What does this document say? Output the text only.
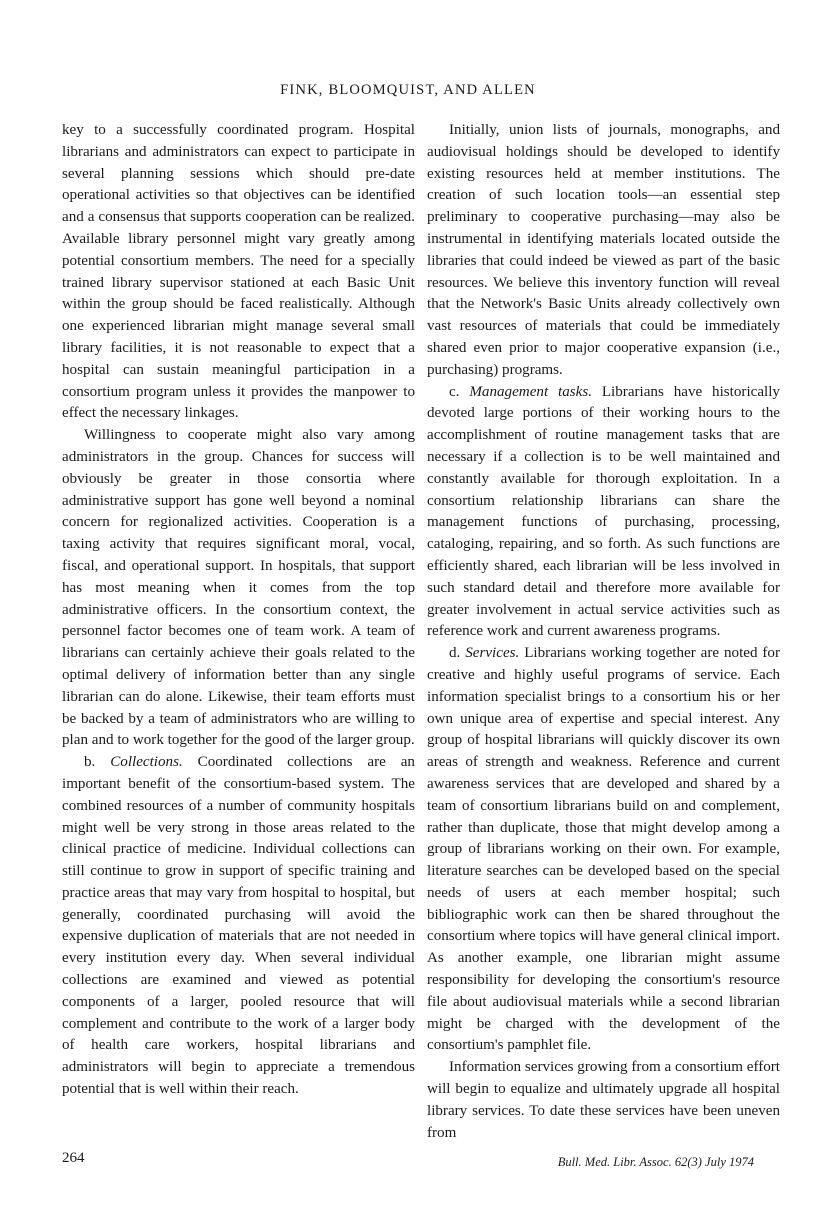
FINK, BLOOMQUIST, AND ALLEN

key to a successfully coordinated program. Hospital librarians and administrators can expect to participate in several planning sessions which should pre-date operational activities so that objectives can be identified and a consensus that supports cooperation can be realized. Available library personnel might vary greatly among potential consortium members. The need for a specially trained library supervisor stationed at each Basic Unit within the group should be faced realistically. Although one experienced librarian might manage several small library facilities, it is not reasonable to expect that a hospital can sustain meaningful participation in a consortium program unless it provides the manpower to effect the necessary linkages.

Willingness to cooperate might also vary among administrators in the group. Chances for success will obviously be greater in those consortia where administrative support has gone well beyond a nominal concern for regionalized activities. Cooperation is a taxing activity that requires significant moral, vocal, fiscal, and operational support. In hospitals, that support has most meaning when it comes from the top administrative officers. In the consortium context, the personnel factor becomes one of team work. A team of librarians can certainly achieve their goals related to the optimal delivery of information better than any single librarian can do alone. Likewise, their team efforts must be backed by a team of administrators who are willing to plan and to work together for the good of the larger group.

b. Collections. Coordinated collections are an important benefit of the consortium-based system. The combined resources of a number of community hospitals might well be very strong in those areas related to the clinical practice of medicine. Individual collections can still continue to grow in support of specific training and practice areas that may vary from hospital to hospital, but generally, coordinated purchasing will avoid the expensive duplication of materials that are not needed in every institution every day. When several individual collections are examined and viewed as potential components of a larger, pooled resource that will complement and contribute to the work of a larger body of health care workers, hospital librarians and administrators will begin to appreciate a tremendous potential that is well within their reach.

Initially, union lists of journals, monographs, and audiovisual holdings should be developed to identify existing resources held at member institutions. The creation of such location tools—an essential step preliminary to cooperative purchasing—may also be instrumental in identifying materials located outside the libraries that could indeed be viewed as part of the basic resources. We believe this inventory function will reveal that the Network's Basic Units already collectively own vast resources of materials that could be immediately shared even prior to major cooperative expansion (i.e., purchasing) programs.

c. Management tasks. Librarians have historically devoted large portions of their working hours to the accomplishment of routine management tasks that are necessary if a collection is to be well maintained and constantly available for thorough exploitation. In a consortium relationship librarians can share the management functions of purchasing, processing, cataloging, repairing, and so forth. As such functions are efficiently shared, each librarian will be less involved in such standard detail and therefore more available for greater involvement in actual service activities such as reference work and current awareness programs.

d. Services. Librarians working together are noted for creative and highly useful programs of service. Each information specialist brings to a consortium his or her own unique area of expertise and special interest. Any group of hospital librarians will quickly discover its own areas of strength and weakness. Reference and current awareness services that are developed and shared by a team of consortium librarians build on and complement, rather than duplicate, those that might develop among a group of librarians working on their own. For example, literature searches can be developed based on the special needs of users at each member hospital; such bibliographic work can then be shared throughout the consortium where topics will have general clinical import. As another example, one librarian might assume responsibility for developing the consortium's resource file about audiovisual materials while a second librarian might be charged with the development of the consortium's pamphlet file.

Information services growing from a consortium effort will begin to equalize and ultimately upgrade all hospital library services. To date these services have been uneven from

264	Bull. Med. Libr. Assoc. 62(3) July 1974
